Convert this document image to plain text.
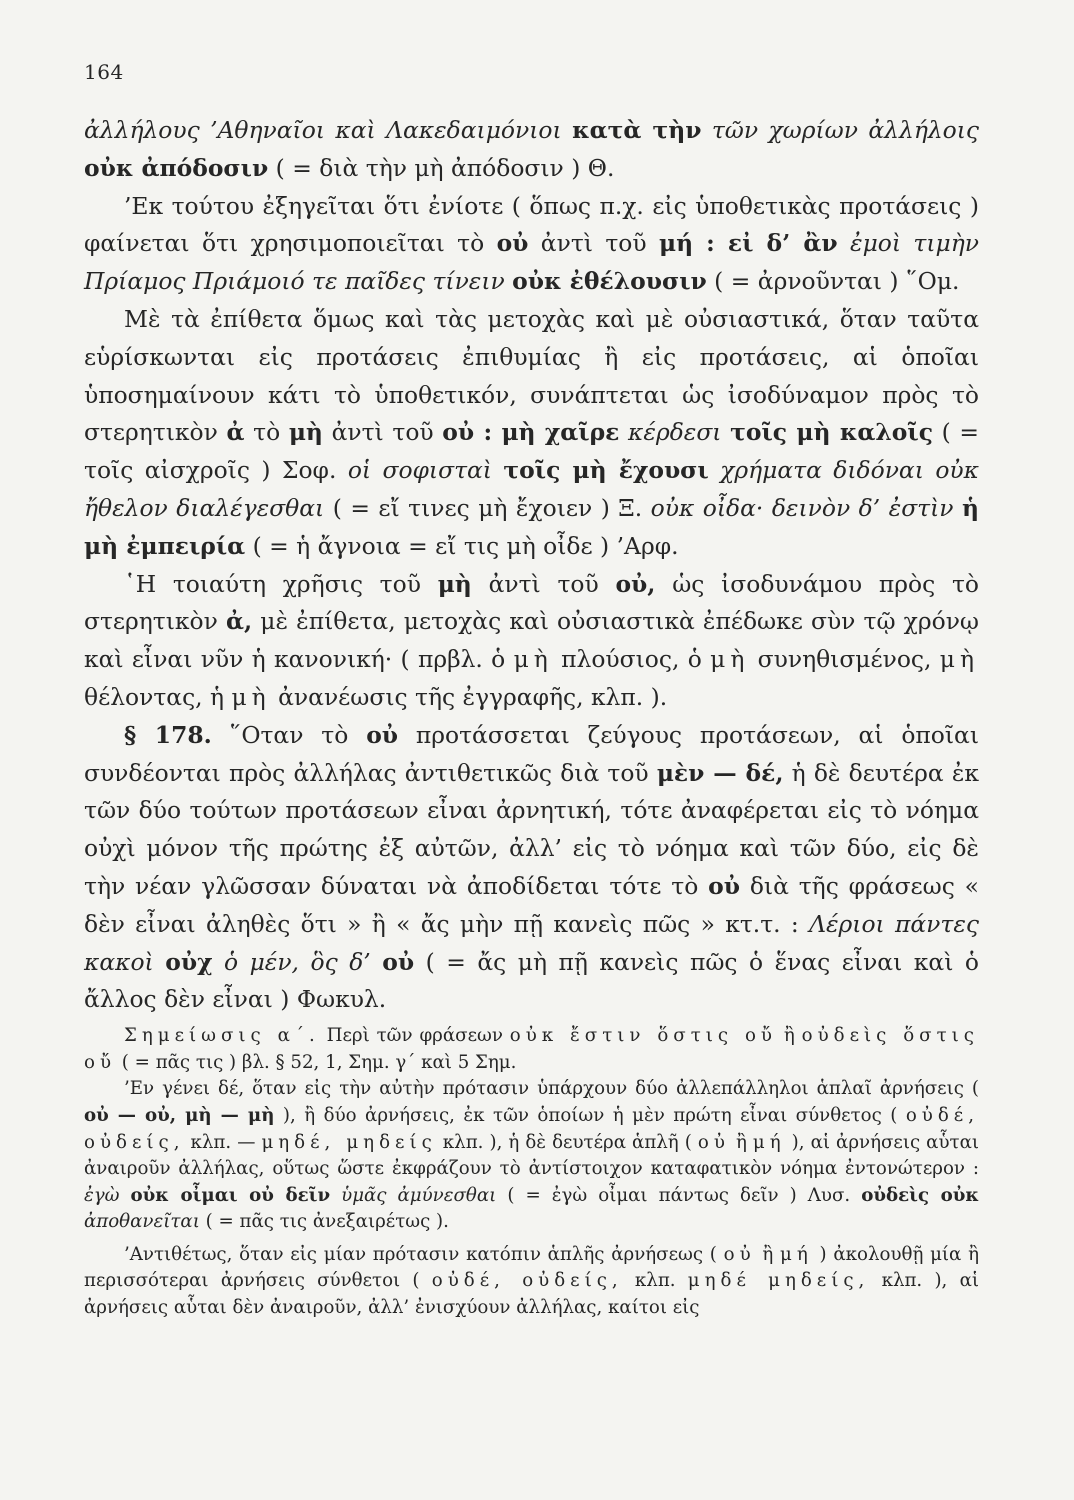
164

ἀλλήλους ’Αθηναῖοι καὶ Λακεδαιμόνιοι κατὰ τὴν τῶν χωρίων ἀλλήλοις οὐκ ἀπόδοσιν ( = διὰ τὴν μὴ ἀπόδοσιν ) Θ.

’Εκ τούτου ἐξηγεῖται ὅτι ἐνίοτε ( ὅπως π.χ. εἰς ὑποθετικὰς προτάσεις ) φαίνεται ὅτι χρησιμοποιεῖται τὸ οὐ ἀντὶ τοῦ μή : εἰ δ’ ἂν ἐμοὶ τιμὴν Πρίαμος Πριάμοιό τε παῖδες τίνειν οὐκ ἐθέλουσιν ( = ἀρνοῦνται ) ῞Ομ.

Μὲ τὰ ἐπίθετα ὅμως καὶ τὰς μετοχὰς καὶ μὲ οὐσιαστικά, ὅταν ταῦτα εὑρίσκωνται εἰς προτάσεις ἐπιθυμίας ἢ εἰς προτάσεις, αἱ ὁποῖαι ὑποσημαίνουν κάτι τὸ ὑποθετικόν, συνάπτεται ὡς ἰσοδύναμον πρὸς τὸ στερητικὸν ἀ τὸ μὴ ἀντὶ τοῦ οὐ : μὴ χαῖρε κέρδεσι τοῖς μὴ καλοῖς ( = τοῖς αἰσχροῖς ) Σοφ. οἱ σοφισταὶ τοῖς μὴ ἔχουσι χρήματα διδόναι οὐκ ἤθελον διαλέγεσθαι ( = εἴ τινες μὴ ἔχοιεν ) Ξ. οὐκ οἶδα· δεινὸν δ’ ἐστὶν ἡ μὴ ἐμπειρία ( = ἡ ἄγνοια = εἴ τις μὴ οἶδε ) ’Αρφ.

῾Η τοιαύτη χρῆσις τοῦ μὴ ἀντὶ τοῦ οὐ, ὡς ἰσοδυνάμου πρὸς τὸ στερητικὸν ἀ, μὲ ἐπίθετα, μετοχὰς καὶ οὐσιαστικὰ ἐπέδωκε σὺν τῷ χρόνῳ καὶ εἶναι νῦν ἡ κανονική· ( πρβλ. ὁ μὴ πλούσιος, ὁ μὴ συνηθισμένος, μὴ θέλοντας, ἡ μὴ ἀνανέωσις τῆς ἐγγραφῆς, κλπ. ).

§ 178. ῞Οταν τὸ οὐ προτάσσεται ζεύγους προτάσεων, αἱ ὁποῖαι συνδέονται πρὸς ἀλλήλας ἀντιθετικῶς διὰ τοῦ μὲν — δέ, ἡ δὲ δευτέρα ἐκ τῶν δύο τούτων προτάσεων εἶναι ἀρνητική, τότε ἀναφέρεται εἰς τὸ νόημα οὐχὶ μόνον τῆς πρώτης ἐξ αὐτῶν, ἀλλ’ εἰς τὸ νόημα καὶ τῶν δύο, εἰς δὲ τὴν νέαν γλῶσσαν δύναται νὰ ἀποδίδεται τότε τὸ οὐ διὰ τῆς φράσεως « δὲν εἶναι ἀληθὲς ὅτι » ἢ « ἄς μὴν πῇ κανεὶς πῶς » κτ.τ. : Λέριοι πάντες κακοὶ οὐχ ὁ μέν, ὃς δ’ οὐ ( = ἄς μὴ πῇ κανεὶς πῶς ὁ ἕνας εἶναι καὶ ὁ ἄλλος δὲν εἶναι ) Φωκυλ.

Σημείωσις α΄. Περὶ τῶν φράσεων οὐκ ἔστιν ὅστις οὔ ἢ οὐδεὶς ὅστις οὔ ( = πᾶς τις ) βλ. § 52, 1, Σημ. γ΄ καὶ 5 Σημ.

’Εν γένει δέ, ὅταν εἰς τὴν αὐτὴν πρότασιν ὑπάρχουν δύο ἀλλεπάλληλοι ἁπλαῖ ἀρνήσεις ( οὐ — οὐ, μὴ — μὴ ), ἢ δύο ἀρνήσεις, ἐκ τῶν ὁποίων ἡ μὲν πρώτη εἶναι σύνθετος ( οὐδέ, οὐδείς, κλπ. — μηδέ, μηδείς κλπ. ), ἡ δὲ δευτέρα ἁπλῆ ( οὐ ἢ μή ), αἱ ἀρνήσεις αὗται ἀναιροῦν ἀλλήλας, οὕτως ὥστε ἐκφράζουν τὸ ἀντίστοιχον καταφατικὸν νόημα ἐντονώτερον : ἐγὼ οὐκ οἶμαι οὐ δεῖν ὑμᾶς ἀμύνεσθαι ( = ἐγὼ οἶμαι πάντως δεῖν ) Λυσ. οὐδεὶς οὐκ ἀποθανεῖται ( = πᾶς τις ἀνεξαιρέτως ).

’Αντιθέτως, ὅταν εἰς μίαν πρότασιν κατόπιν ἁπλῆς ἀρνήσεως ( οὐ ἢ μή ) ἀκολουθῇ μία ἢ περισσότεραι ἀρνήσεις σύνθετοι ( οὐδέ, οὐδείς, κλπ. μηδέ μηδείς, κλπ. ), αἱ ἀρνήσεις αὗται δὲν ἀναιροῦν, ἀλλ’ ἐνισχύουν ἀλλήλας, καίτοι εἰς
